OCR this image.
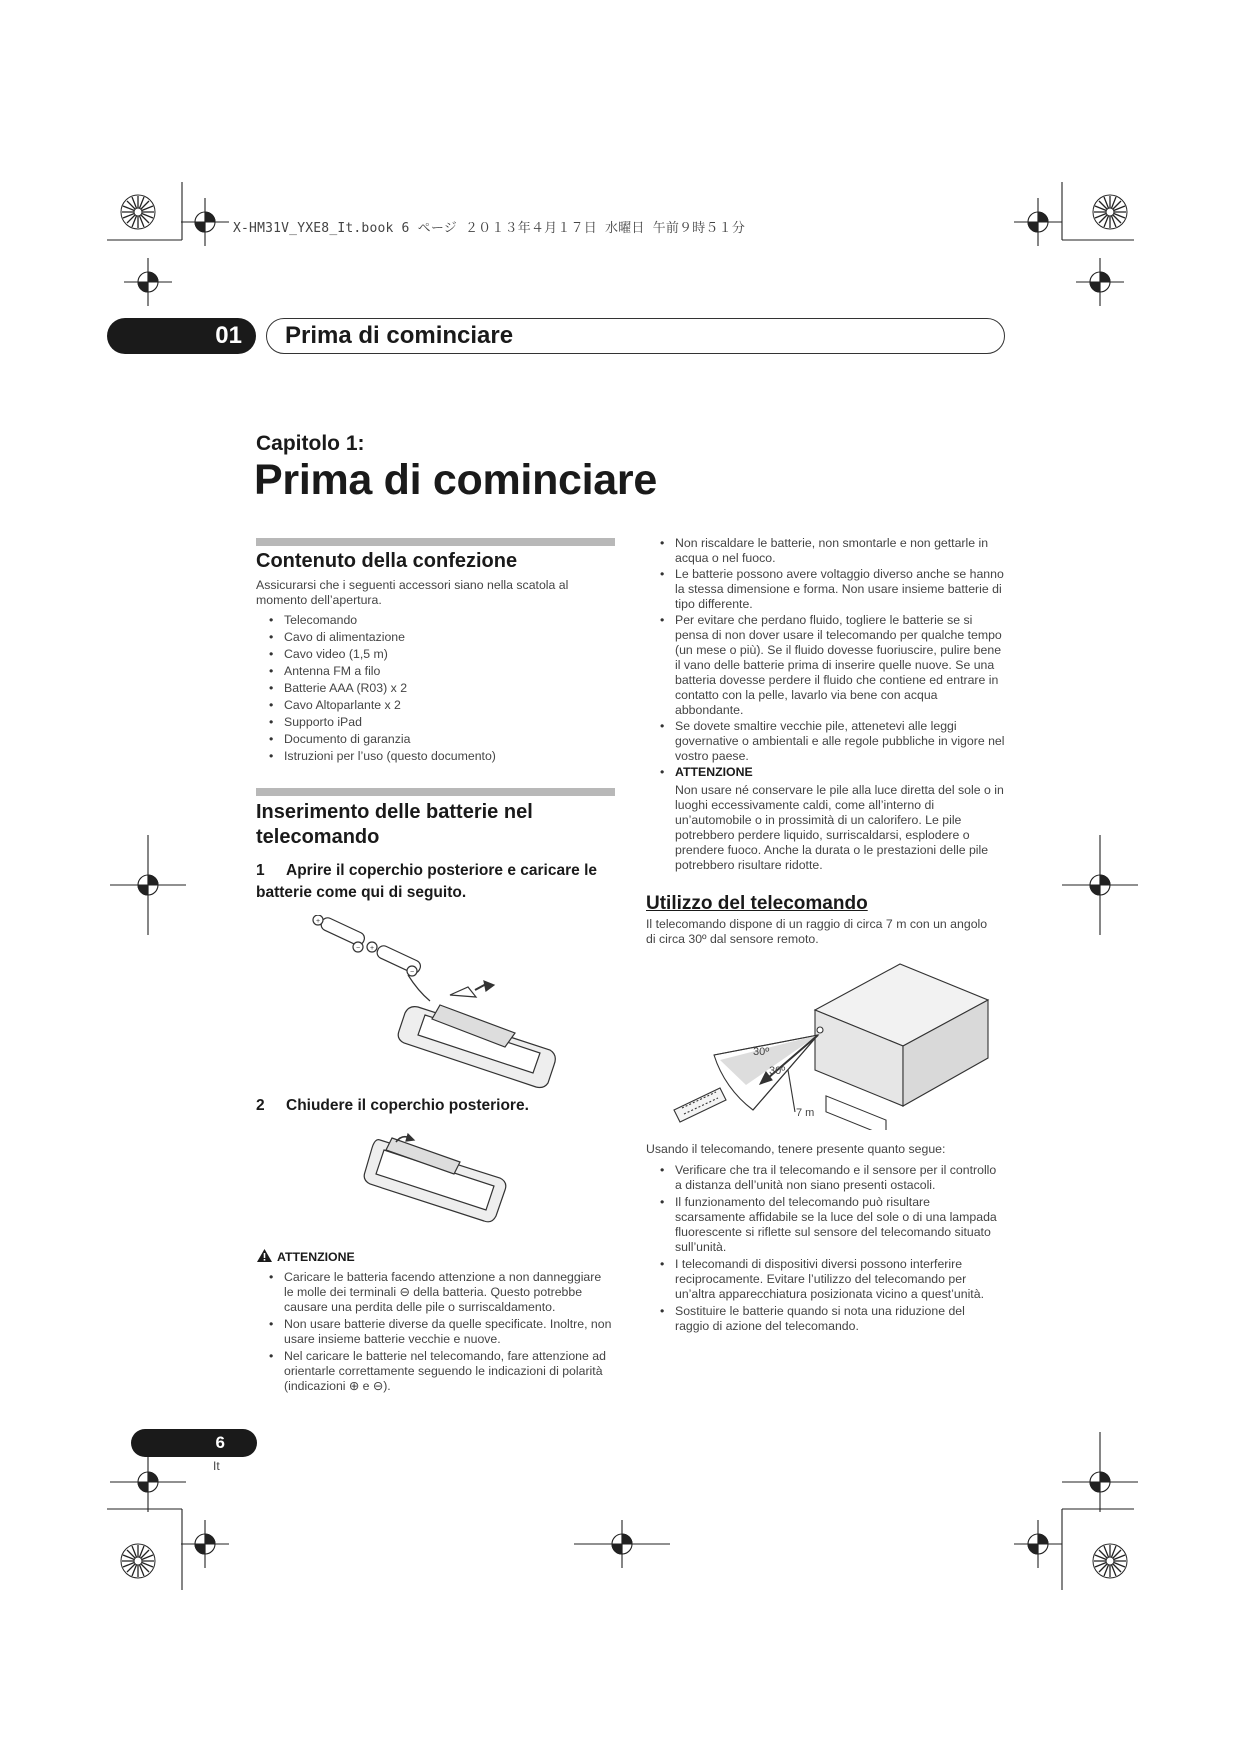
X-HM31V_YXE8_It.book 6 ページ ２０１３年４月１７日 水曜日 午前９時５１分
01	Prima di cominciare
Capitolo 1:
Prima di cominciare
Contenuto della confezione
Assicurarsi che i seguenti accessori siano nella scatola al momento dell’apertura.
• Telecomando
• Cavo di alimentazione
• Cavo video (1,5 m)
• Antenna FM a filo
• Batterie AAA (R03) x 2
• Cavo Altoparlante x 2
• Supporto iPad
• Documento di garanzia
• Istruzioni per l’uso (questo documento)
Inserimento delle batterie nel telecomando
1 Aprire il coperchio posteriore e caricare le batterie come qui di seguito.
+
− +
−
2 Chiudere il coperchio posteriore.
ATTENZIONE
• Caricare le batteria facendo attenzione a non danneggiare le molle dei terminali ⊖ della batteria. Questo potrebbe causare una perdita delle pile o surriscaldamento.
• Non usare batterie diverse da quelle specificate. Inoltre, non usare insieme batterie vecchie e nuove.
• Nel caricare le batterie nel telecomando, fare attenzione ad orientarle correttamente seguendo le indicazioni di polarità (indicazioni ⊕ e ⊖).
• Non riscaldare le batterie, non smontarle e non gettarle in acqua o nel fuoco.
• Le batterie possono avere voltaggio diverso anche se hanno la stessa dimensione e forma. Non usare insieme batterie di tipo differente.
• Per evitare che perdano fluido, togliere le batterie se si pensa di non dover usare il telecomando per qualche tempo (un mese o più). Se il fluido dovesse fuoriuscire, pulire bene il vano delle batterie prima di inserire quelle nuove. Se una batteria dovesse perdere il fluido che contiene ed entrare in contatto con la pelle, lavarlo via bene con acqua abbondante.
• Se dovete smaltire vecchie pile, attenetevi alle leggi governative o ambientali e alle regole pubbliche in vigore nel vostro paese.
• ATTENZIONE
Non usare né conservare le pile alla luce diretta del sole o in luoghi eccessivamente caldi, come all’interno di un’automobile o in prossimità di un calorifero. Le pile potrebbero perdere liquido, surriscaldarsi, esplodere o prendere fuoco. Anche la durata o le prestazioni delle pile potrebbero risultare ridotte.
Utilizzo del telecomando
Il telecomando dispone di un raggio di circa 7 m con un angolo di circa 30º dal sensore remoto.
30º
30º
7 m
Usando il telecomando, tenere presente quanto segue:
• Verificare che tra il telecomando e il sensore per il controllo a distanza dell’unità non siano presenti ostacoli.
• Il funzionamento del telecomando può risultare scarsamente affidabile se la luce del sole o di una lampada fluorescente si riflette sul sensore del telecomando situato sull’unità.
• I telecomandi di dispositivi diversi possono interferire reciprocamente. Evitare l’utilizzo del telecomando per un’altra apparecchiatura posizionata vicino a quest’unità.
• Sostituire le batterie quando si nota una riduzione del raggio di azione del telecomando.
6
It
